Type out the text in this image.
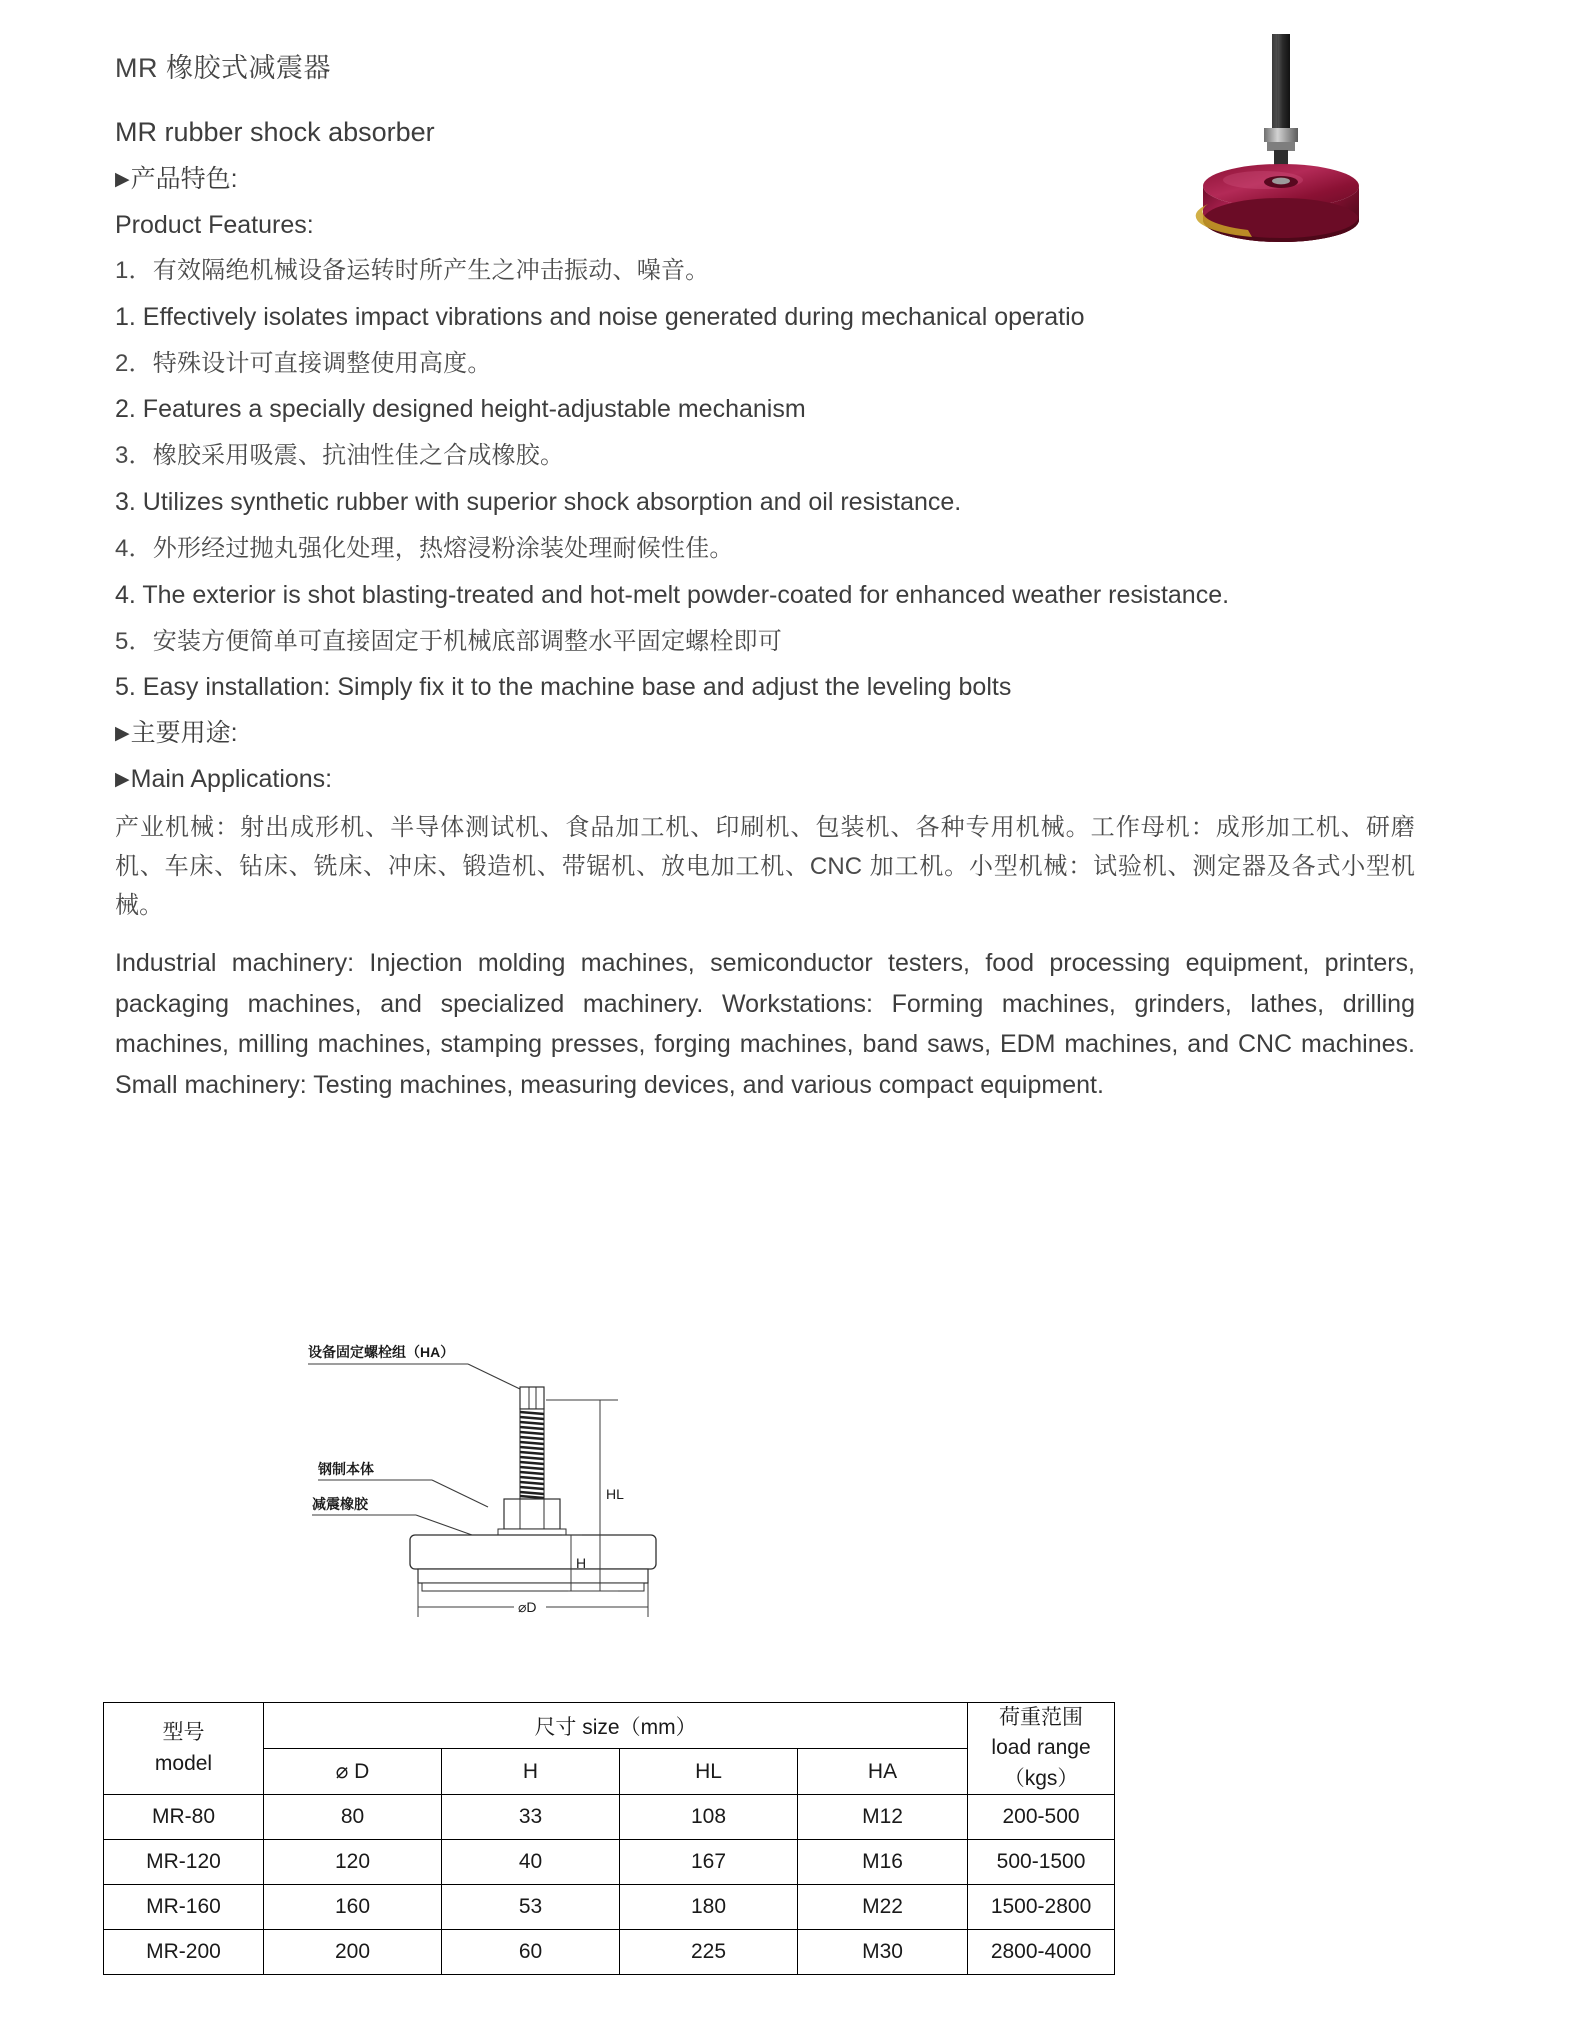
MR 橡胶式减震器

MR rubber shock absorber

▶产品特色:

Product Features:

1．有效隔绝机械设备运转时所产生之冲击振动、噪音。

1. Effectively isolates impact vibrations and noise generated during mechanical operatio

2．特殊设计可直接调整使用高度。

2. Features a specially designed height-adjustable mechanism

3．橡胶采用吸震、抗油性佳之合成橡胶。

3. Utilizes synthetic rubber with superior shock absorption and oil resistance.

4．外形经过抛丸强化处理，热熔浸粉涂装处理耐候性佳。

4. The exterior is shot blasting-treated and hot-melt powder-coated for enhanced weather resistance.

5．安装方便简单可直接固定于机械底部调整水平固定螺栓即可

5. Easy installation: Simply fix it to the machine base and adjust the leveling bolts

▶主要用途:

▶Main Applications:

产业机械：射出成形机、半导体测试机、食品加工机、印刷机、包装机、各种专用机械。工作母机：成形加工机、研磨机、车床、钻床、铣床、冲床、锻造机、带锯机、放电加工机、CNC 加工机。小型机械：试验机、测定器及各式小型机械。

Industrial machinery: Injection molding machines, semiconductor testers, food processing equipment, printers, packaging machines, and specialized machinery. Workstations: Forming machines, grinders, lathes, drilling machines, milling machines, stamping presses, forging machines, band saws, EDM machines, and CNC machines. Small machinery: Testing machines, measuring devices, and various compact equipment.

设备固定螺栓组（HA）
钢制本体
减震橡胶
HL
H
⌀D
型号
model	尺寸 size（mm）				荷重范围
load range（kgs）

	⌀ D	H	HL	HA	
MR-80	80	33	108	M12	200-500
MR-120	120	40	167	M16	500-1500
MR-160	160	53	180	M22	1500-2800
MR-200	200	60	225	M30	2800-4000
